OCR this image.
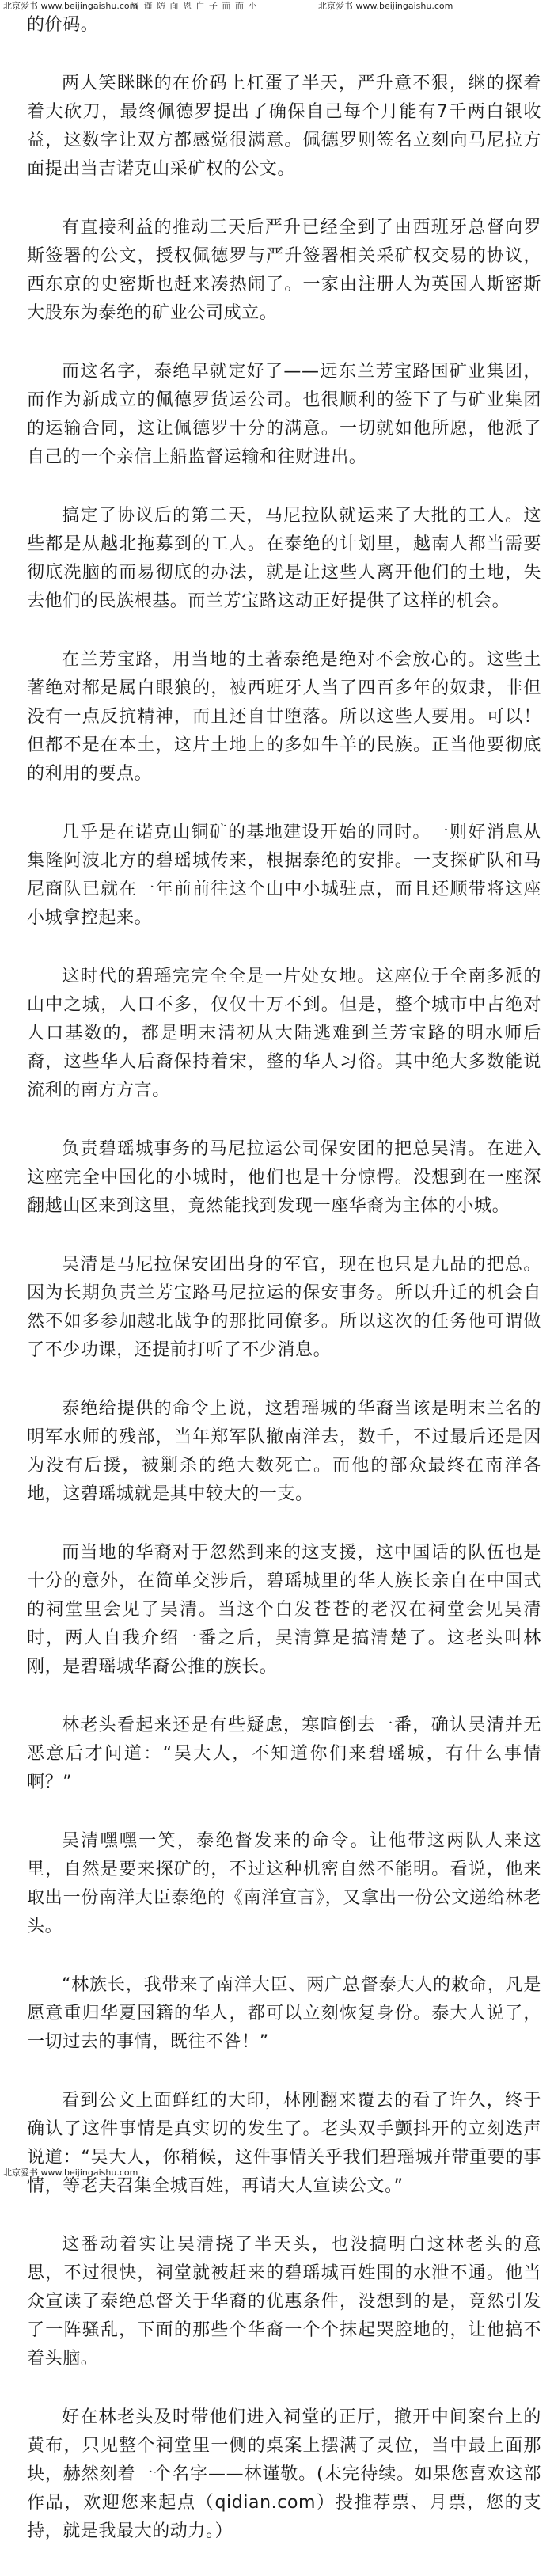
北京爱书 www.beijingaishu.com
周 谨 防 面 恩 白 子 而 而 小	北京爱书 www.beijingaishu.com

的价码。

两人笑眯眯的在价码上杠蛋了半天，严升意不狠，继的探着着大砍刀，最终佩德罗提出了确保自己每个月能有7千两白银收益，这数字让双方都感觉很满意。佩德罗则签名立刻向马尼拉方面提出当吉诺克山采矿权的公文。

有直接利益的推动三天后严升已经全到了由西班牙总督向罗斯签署的公文，授权佩德罗与严升签署相关采矿权交易的协议，西东京的史密斯也赶来凑热闹了。一家由注册人为英国人斯密斯大股东为泰绝的矿业公司成立。

而这名字，泰绝早就定好了——远东兰芳宝路国矿业集团，而作为新成立的佩德罗货运公司。也很顺利的签下了与矿业集团的运输合同，这让佩德罗十分的满意。一切就如他所愿，他派了自己的一个亲信上船监督运输和往财进出。

搞定了协议后的第二天，马尼拉队就运来了大批的工人。这些都是从越北拖募到的工人。在泰绝的计划里，越南人都当需要彻底洗脑的而易彻底的办法，就是让这些人离开他们的土地，失去他们的民族根基。而兰芳宝路这动正好提供了这样的机会。

在兰芳宝路，用当地的土著泰绝是绝对不会放心的。这些土著绝对都是属白眼狼的，被西班牙人当了四百多年的奴隶，非但没有一点反抗精神，而且还自甘堕落。所以这些人要用。可以！但都不是在本土，这片土地上的多如牛羊的民族。正当他要彻底的利用的要点。

几乎是在诺克山铜矿的基地建设开始的同时。一则好消息从集隆阿波北方的碧瑶城传来，根据泰绝的安排。一支探矿队和马尼商队已就在一年前前往这个山中小城驻点，而且还顺带将这座小城拿控起来。

这时代的碧瑶完完全全是一片处女地。这座位于全南多派的山中之城，人口不多，仅仅十万不到。但是，整个城市中占绝对人口基数的，都是明末清初从大陆逃难到兰芳宝路的明水师后裔，这些华人后裔保持着宋，整的华人习俗。其中绝大多数能说流利的南方方言。

负责碧瑶城事务的马尼拉运公司保安团的把总吴清。在进入这座完全中国化的小城时，他们也是十分惊愕。没想到在一座深翻越山区来到这里，竟然能找到发现一座华裔为主体的小城。

吴清是马尼拉保安团出身的军官，现在也只是九品的把总。因为长期负责兰芳宝路马尼拉运的保安事务。所以升迁的机会自然不如多参加越北战争的那批同僚多。所以这次的任务他可谓做了不少功课，还提前打听了不少消息。

泰绝给提供的命令上说，这碧瑶城的华裔当该是明末兰名的明军水师的残部，当年郑军队撤南洋去，数千，不过最后还是因为没有后援，被剿杀的绝大数死亡。而他的部众最终在南洋各地，这碧瑶城就是其中较大的一支。

而当地的华裔对于忽然到来的这支援，这中国话的队伍也是十分的意外，在简单交涉后，碧瑶城里的华人族长亲自在中国式的祠堂里会见了吴清。当这个白发苍苍的老汉在祠堂会见吴清时，两人自我介绍一番之后，吴清算是搞清楚了。这老头叫林刚，是碧瑶城华裔公推的族长。

林老头看起来还是有些疑虑，寒暄倒去一番，确认吴清并无恶意后才问道：“吴大人，不知道你们来碧瑶城，有什么事情啊？”

吴清嘿嘿一笑，泰绝督发来的命令。让他带这两队人来这里，自然是要来探矿的，不过这种机密自然不能明。看说，他来取出一份南洋大臣泰绝的《南洋宣言》，又拿出一份公文递给林老头。

“林族长，我带来了南洋大臣、两广总督泰大人的敕命，凡是愿意重归华夏国籍的华人，都可以立刻恢复身份。泰大人说了，一切过去的事情，既往不咎！”

看到公文上面鲜红的大印，林刚翻来覆去的看了许久，终于确认了这件事情是真实切的发生了。老头双手颤抖开的立刻迭声说道：“吴大人，你稍候，这件事情关乎我们碧瑶城并带重要的事情，等老夫召集全城百姓，再请大人宣读公文。”

这番动着实让吴清挠了半天头，也没搞明白这林老头的意思，不过很快，祠堂就被赶来的碧瑶城百姓围的水泄不通。他当众宣读了泰绝总督关于华裔的优惠条件，没想到的是，竟然引发了一阵骚乱，下面的那些个华裔一个个抹起哭腔地的，让他搞不着头脑。

好在林老头及时带他们进入祠堂的正厅，撤开中间案台上的黄布，只见整个祠堂里一侧的桌案上摆满了灵位，当中最上面那块，赫然刻着一个名字——林谨敬。(未完待续。如果您喜欢这部作品，欢迎您来起点（qidian.com）投推荐票、月票，您的支持，就是我最大的动力。）

北京爱书 www.beijingaishu.com
